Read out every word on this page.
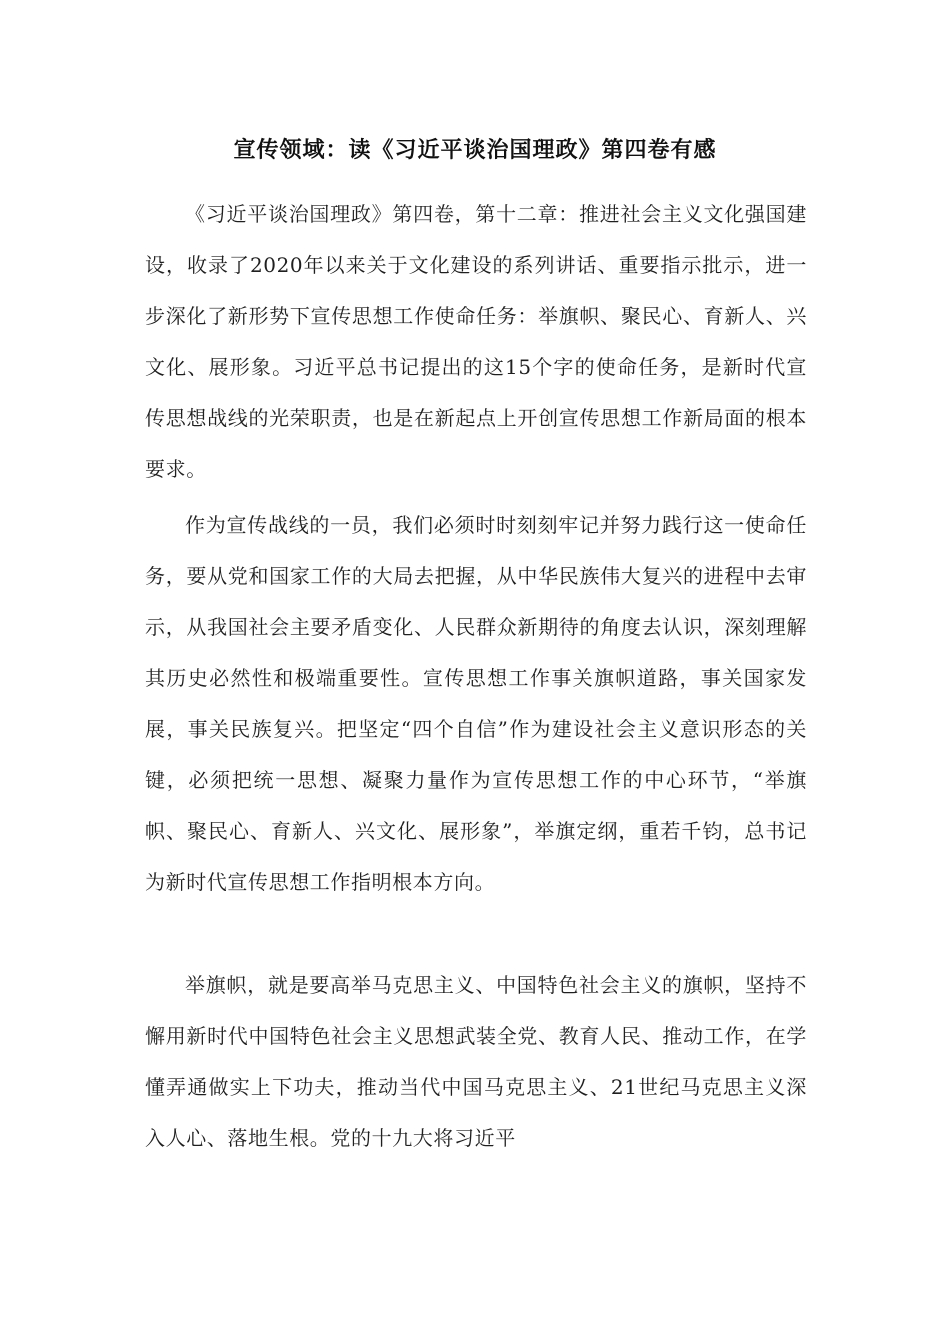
宣传领域：读《习近平谈治国理政》第四卷有感

《习近平谈治国理政》第四卷，第十二章：推进社会主义文化强国建设，收录了2020年以来关于文化建设的系列讲话、重要指示批示，进一步深化了新形势下宣传思想工作使命任务：举旗帜、聚民心、育新人、兴文化、展形象。习近平总书记提出的这15个字的使命任务，是新时代宣传思想战线的光荣职责，也是在新起点上开创宣传思想工作新局面的根本要求。

作为宣传战线的一员，我们必须时时刻刻牢记并努力践行这一使命任务，要从党和国家工作的大局去把握，从中华民族伟大复兴的进程中去审示，从我国社会主要矛盾变化、人民群众新期待的角度去认识，深刻理解其历史必然性和极端重要性。宣传思想工作事关旗帜道路，事关国家发展，事关民族复兴。把坚定“四个自信”作为建设社会主义意识形态的关键，必须把统一思想、凝聚力量作为宣传思想工作的中心环节，“举旗帜、聚民心、育新人、兴文化、展形象”，举旗定纲，重若千钧，总书记为新时代宣传思想工作指明根本方向。

举旗帜，就是要高举马克思主义、中国特色社会主义的旗帜，坚持不懈用新时代中国特色社会主义思想武装全党、教育人民、推动工作，在学懂弄通做实上下功夫，推动当代中国马克思主义、21世纪马克思主义深入人心、落地生根。党的十九大将习近平
